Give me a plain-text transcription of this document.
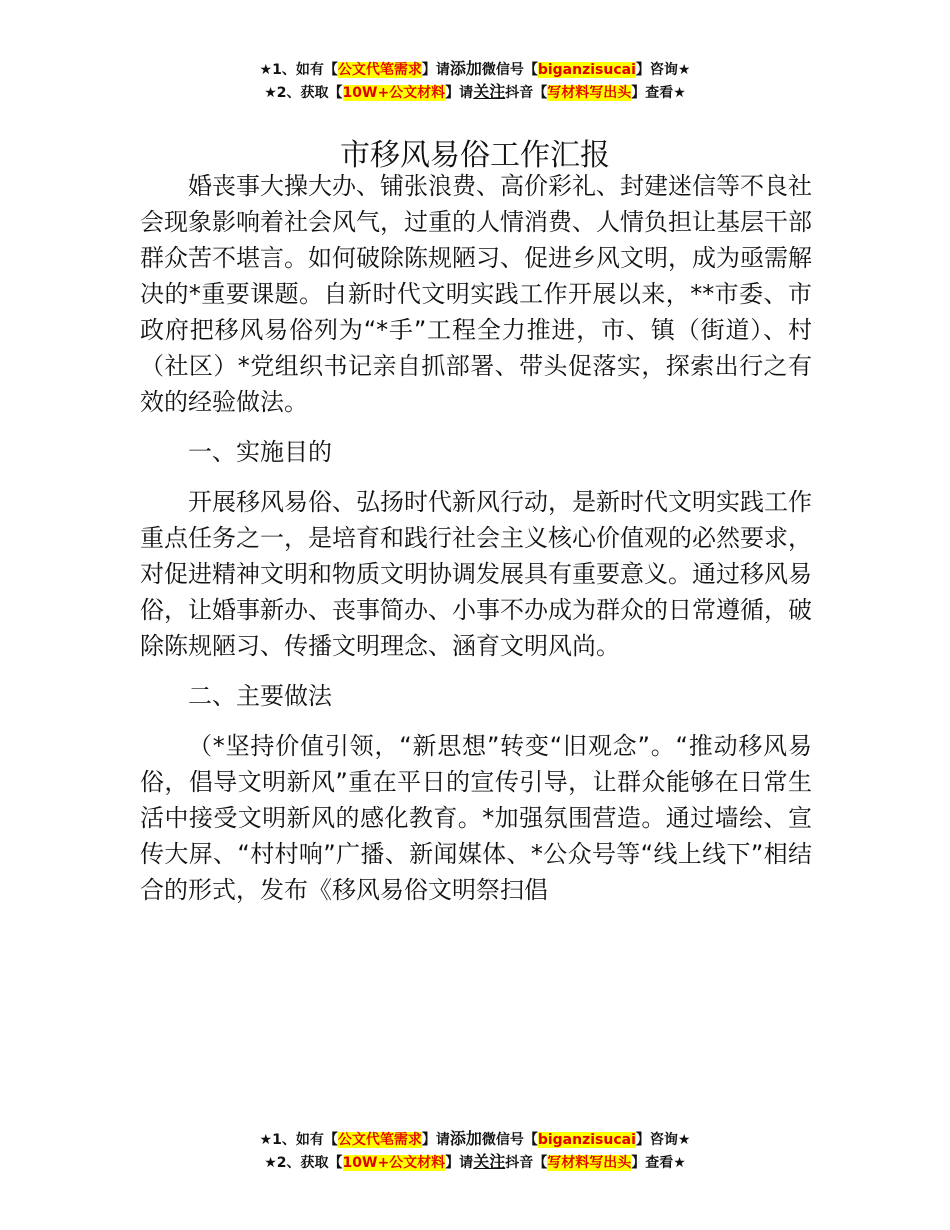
★1、如有【公文代笔需求】请添加微信号【biganzisucai】咨询★
★2、获取【10W+公文材料】请关注抖音【写材料写出头】查看★
市移风易俗工作汇报

婚丧事大操大办、铺张浪费、高价彩礼、封建迷信等不良社会现象影响着社会风气，过重的人情消费、人情负担让基层干部群众苦不堪言。如何破除陈规陋习、促进乡风文明，成为亟需解决的*重要课题。自新时代文明实践工作开展以来，**市委、市政府把移风易俗列为“*手”工程全力推进，市、镇（街道）、村（社区）*党组织书记亲自抓部署、带头促落实，探索出行之有效的经验做法。

一、实施目的

开展移风易俗、弘扬时代新风行动，是新时代文明实践工作重点任务之一，是培育和践行社会主义核心价值观的必然要求，对促进精神文明和物质文明协调发展具有重要意义。通过移风易俗，让婚事新办、丧事简办、小事不办成为群众的日常遵循，破除陈规陋习、传播文明理念、涵育文明风尚。

二、主要做法

（*坚持价值引领，“新思想”转变“旧观念”。“推动移风易俗，倡导文明新风”重在平日的宣传引导，让群众能够在日常生活中接受文明新风的感化教育。*加强氛围营造。通过墙绘、宣传大屏、“村村响”广播、新闻媒体、*公众号等“线上线下”相结合的形式，发布《移风易俗文明祭扫倡

★1、如有【公文代笔需求】请添加微信号【biganzisucai】咨询★
★2、获取【10W+公文材料】请关注抖音【写材料写出头】查看★
